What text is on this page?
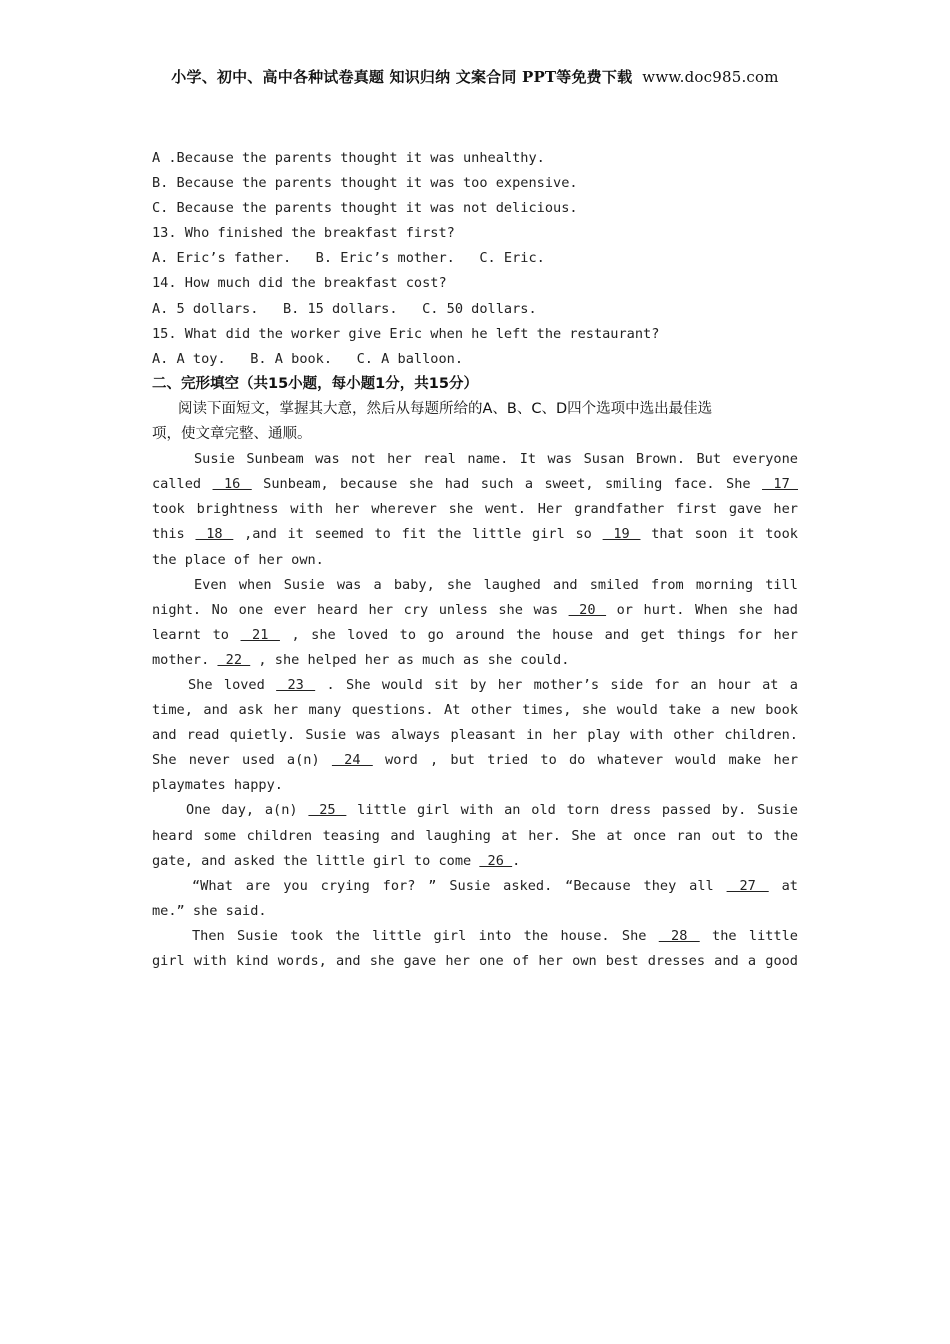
小学、初中、高中各种试卷真题 知识归纳 文案合同 PPT等免费下载 www.doc985.com
A .Because the parents thought it was unhealthy.
B. Because the parents thought it was too expensive.
C. Because the parents thought it was not delicious.
13. Who finished the breakfast first?
A. Eric’s father.   B. Eric’s mother.   C. Eric.
14. How much did the breakfast cost?
A. 5 dollars.   B. 15 dollars.   C. 50 dollars.
15. What did the worker give Eric when he left the restaurant?
A. A toy.   B. A book.   C. A balloon.
二、完形填空（共15小题，每小题1分，共15分）
阅读下面短文，掌握其大意，然后从每题所给的A、B、C、D四个选项中选出最佳选
项，使文章完整、通顺。
Susie Sunbeam was not her real name. It was Susan Brown. But everyone
called  16  Sunbeam, because she had such a sweet, smiling face. She  17
took brightness with her wherever she went. Her grandfather first gave her
this  18  ,and it seemed to fit the little girl so  19  that soon it took
the place of her own.
Even when Susie was a baby, she laughed and smiled from morning till
night. No one ever heard her cry unless she was  20  or hurt. When she had
learnt to  21  , she loved to go around the house and get things for her
mother.  22  , she helped her as much as she could.
She loved  23  . She would sit by her mother’s side for an hour at a
time, and ask her many questions. At other times, she would take a new book
and read quietly. Susie was always pleasant in her play with other children.
She never used a(n)  24  word , but tried to do whatever would make her
playmates happy.
One day, a(n)  25  little girl with an old torn dress passed by. Susie
heard some children teasing and laughing at her. She at once ran out to the
gate, and asked the little girl to come  26 .
“What are you crying for? ” Susie asked. “Because they all  27  at
me.” she said.
Then Susie took the little girl into the house. She  28  the little
girl with kind words, and she gave her one of her own best dresses and a good
